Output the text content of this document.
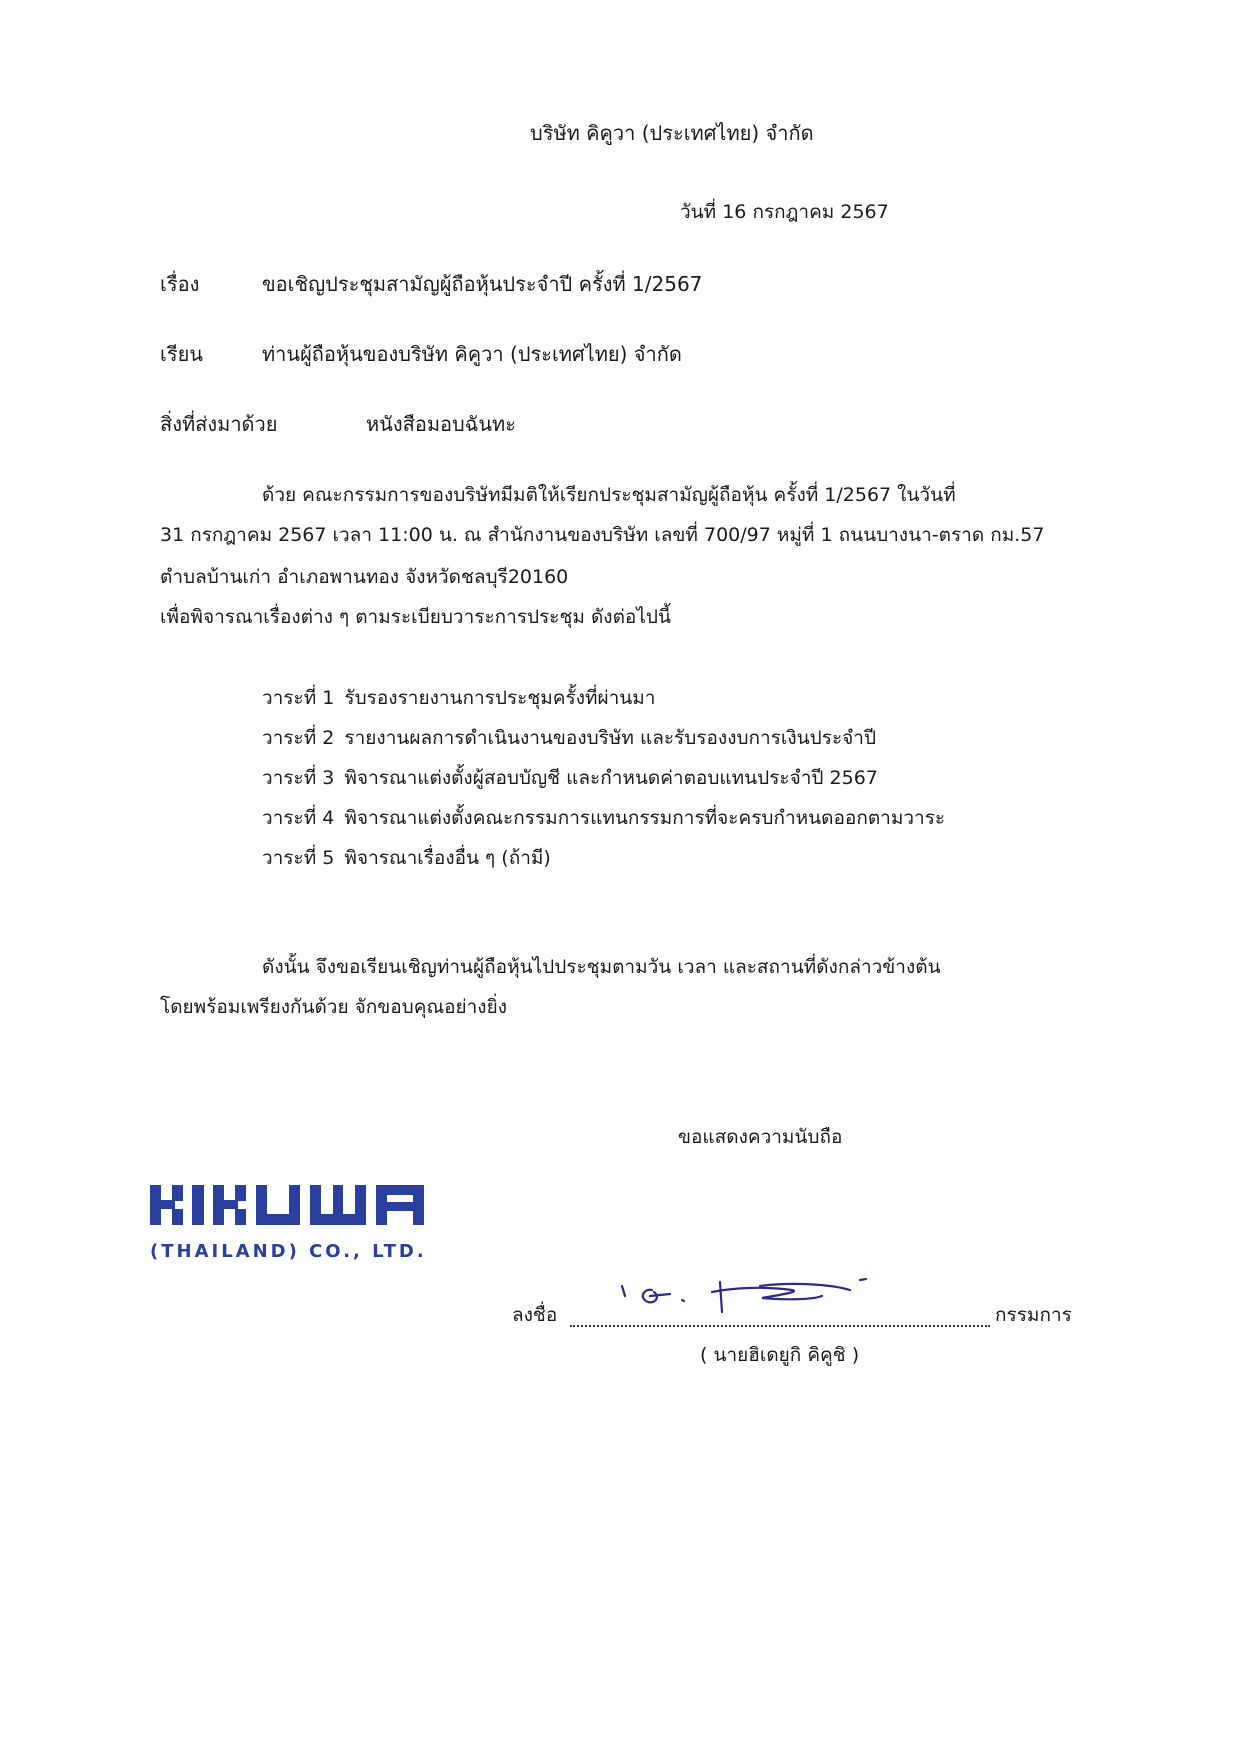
บริษัท คิคูวา (ประเทศไทย) จำกัด
วันที่ 16 กรกฎาคม 2567
เรื่อง	ขอเชิญประชุมสามัญผู้ถือหุ้นประจำปี ครั้งที่ 1/2567
เรียน	ท่านผู้ถือหุ้นของบริษัท คิคูวา (ประเทศไทย) จำกัด
สิ่งที่ส่งมาด้วย	หนังสือมอบฉันทะ
ด้วย คณะกรรมการของบริษัทมีมติให้เรียกประชุมสามัญผู้ถือหุ้น ครั้งที่ 1/2567 ในวันที่
31 กรกฎาคม 2567 เวลา 11:00 น. ณ สำนักงานของบริษัท เลขที่ 700/97 หมู่ที่ 1 ถนนบางนา-ตราด กม.57
ตำบลบ้านเก่า อำเภอพานทอง จังหวัดชลบุรี20160
เพื่อพิจารณาเรื่องต่าง ๆ ตามระเบียบวาระการประชุม ดังต่อไปนี้
วาระที่ 1 รับรองรายงานการประชุมครั้งที่ผ่านมา
วาระที่ 2 รายงานผลการดำเนินงานของบริษัท และรับรองงบการเงินประจำปี
วาระที่ 3 พิจารณาแต่งตั้งผู้สอบบัญชี และกำหนดค่าตอบแทนประจำปี 2567
วาระที่ 4 พิจารณาแต่งตั้งคณะกรรมการแทนกรรมการที่จะครบกำหนดออกตามวาระ
วาระที่ 5 พิจารณาเรื่องอื่น ๆ (ถ้ามี)
ดังนั้น จึงขอเรียนเชิญท่านผู้ถือหุ้นไปประชุมตามวัน เวลา และสถานที่ดังกล่าวข้างต้น
โดยพร้อมเพรียงกันด้วย จักขอบคุณอย่างยิ่ง
ขอแสดงความนับถือ
(THAILAND) CO., LTD.
ลงชื่อ	กรรมการ
( นายฮิเดยูกิ คิคูชิ )
